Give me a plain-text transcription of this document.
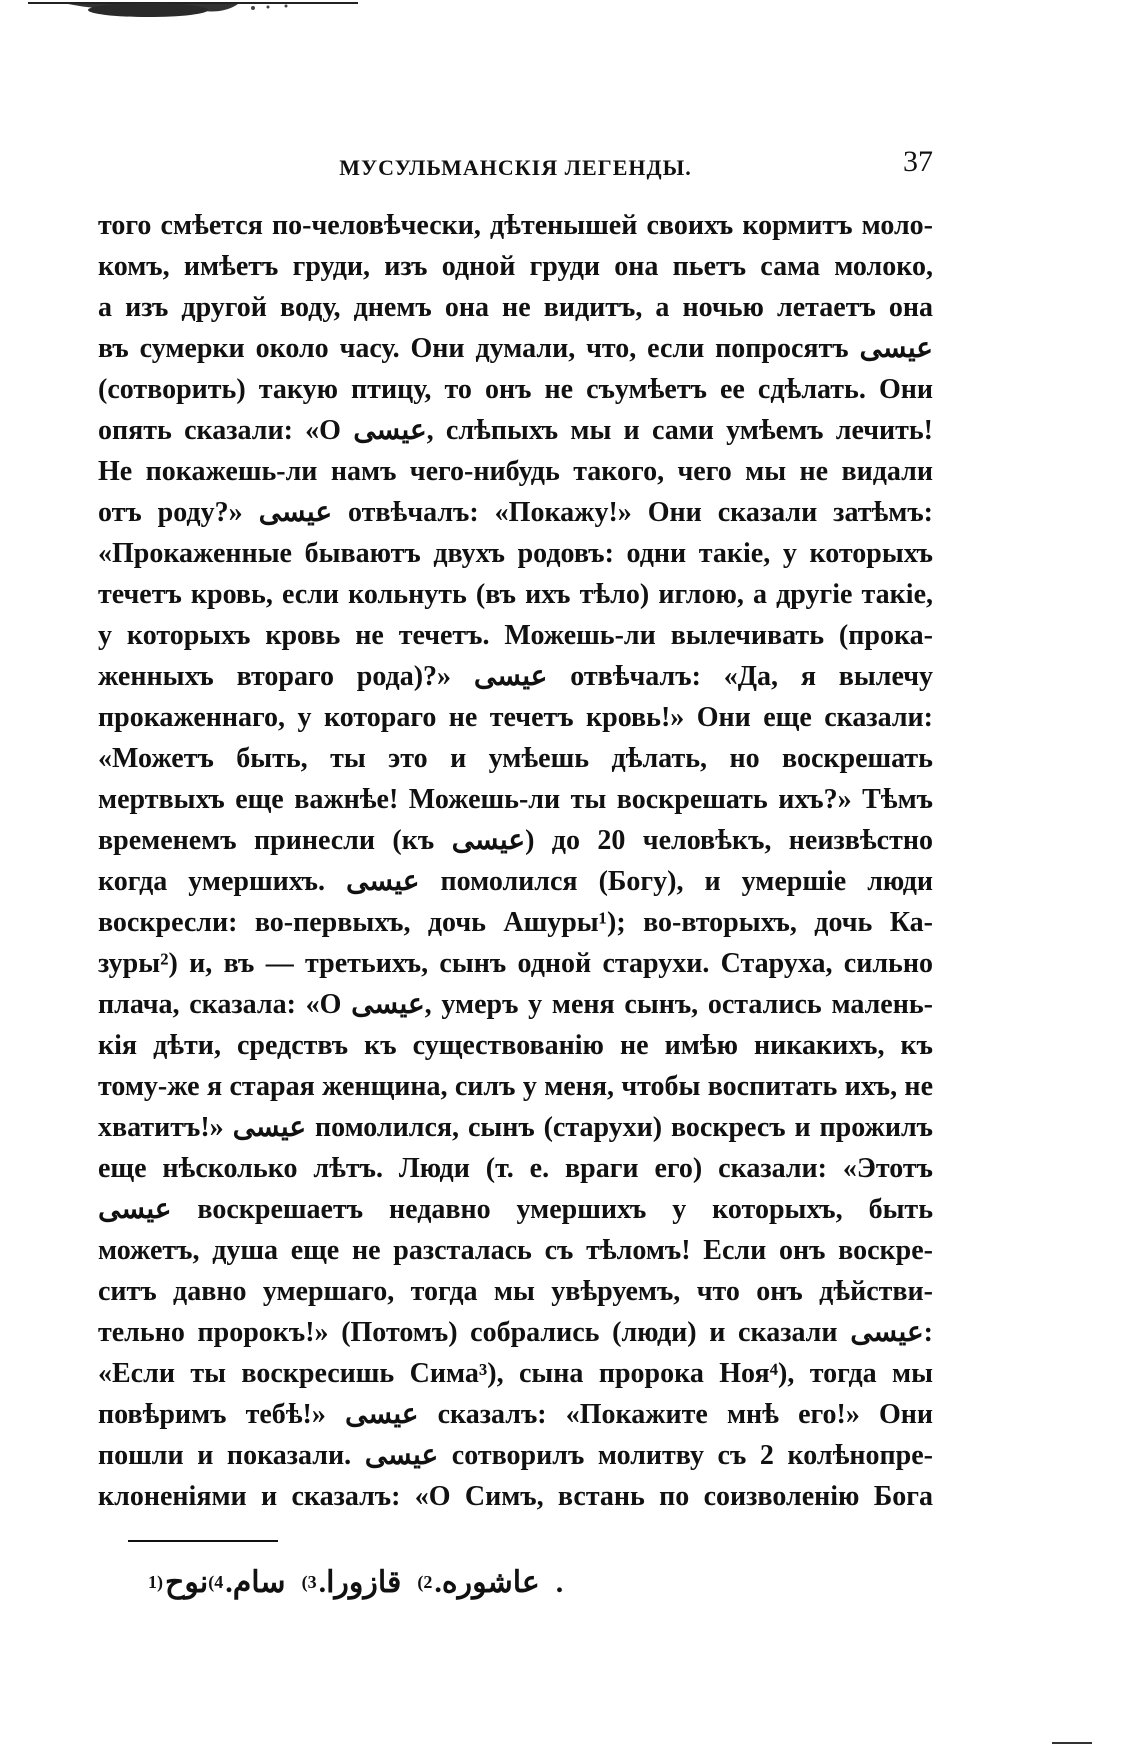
МУСУЛЬМАНСКІЯ ЛЕГЕНДЫ.	37
того смѣется по-человѣчески, дѣтенышей своихъ кормитъ моло-
комъ, имѣетъ груди, изъ одной груди она пьетъ сама молоко,
а изъ другой воду, днемъ она не видитъ, а ночью летаетъ она
въ сумерки около часу. Они думали, что, если попросятъ عيسى
(сотворить) такую птицу, то онъ не съумѣетъ ее сдѣлать. Они
опять сказали: «О عيسى, слѣпыхъ мы и сами умѣемъ лечить!
Не покажешь-ли намъ чего-нибудь такого, чего мы не видали
отъ роду?» عيسى отвѣчалъ: «Покажу!» Они сказали затѣмъ:
«Прокаженные бываютъ двухъ родовъ: одни такіе, у которыхъ
течетъ кровь, если кольнуть (въ ихъ тѣло) иглою, а другіе такіе,
у которыхъ кровь не течетъ. Можешь-ли вылечивать (прока-
женныхъ втораго рода)?» عيسى отвѣчалъ: «Да, я вылечу
прокаженнаго, у котораго не течетъ кровь!» Они еще сказали:
«Можетъ быть, ты это и умѣешь дѣлать, но воскрешать
мертвыхъ еще важнѣе! Можешь-ли ты воскрешать ихъ?» Тѣмъ
временемъ принесли (къ عيسى) до 20 человѣкъ, неизвѣстно
когда умершихъ. عيسى помолился (Богу), и умершіе люди
воскресли: во-первыхъ, дочь Ашуры¹); во-вторыхъ, дочь Ка-
зуры²) и, въ — третьихъ, сынъ одной старухи. Старуха, сильно
плача, сказала: «О عيسى, умеръ у меня сынъ, остались малень-
кія дѣти, средствъ къ существованію не имѣю никакихъ, къ
тому-же я старая женщина, силъ у меня, чтобы воспитать ихъ, не
хватитъ!» عيسى помолился, сынъ (старухи) воскресъ и прожилъ
еще нѣсколько лѣтъ. Люди (т. е. враги его) сказали: «Этотъ
عيسى воскрешаетъ недавно умершихъ у которыхъ, быть
можетъ, душа еще не разсталась съ тѣломъ! Если онъ воскре-
ситъ давно умершаго, тогда мы увѣруемъ, что онъ дѣйстви-
тельно пророкъ!» (Потомъ) собрались (люди) и сказали عيسى:
«Если ты воскресишь Сима³), сына пророка Ноя⁴), тогда мы
повѣримъ тебѣ!» عيسى сказалъ: «Покажите мнѣ его!» Они
пошли и показали. عيسى сотворилъ молитву съ 2 колѣнопре-
клоненіями и сказалъ: «О Симъ, встань по соизволенію Бога
1)	عاشوره.2)قازورا.3)سام.4)نوح.
